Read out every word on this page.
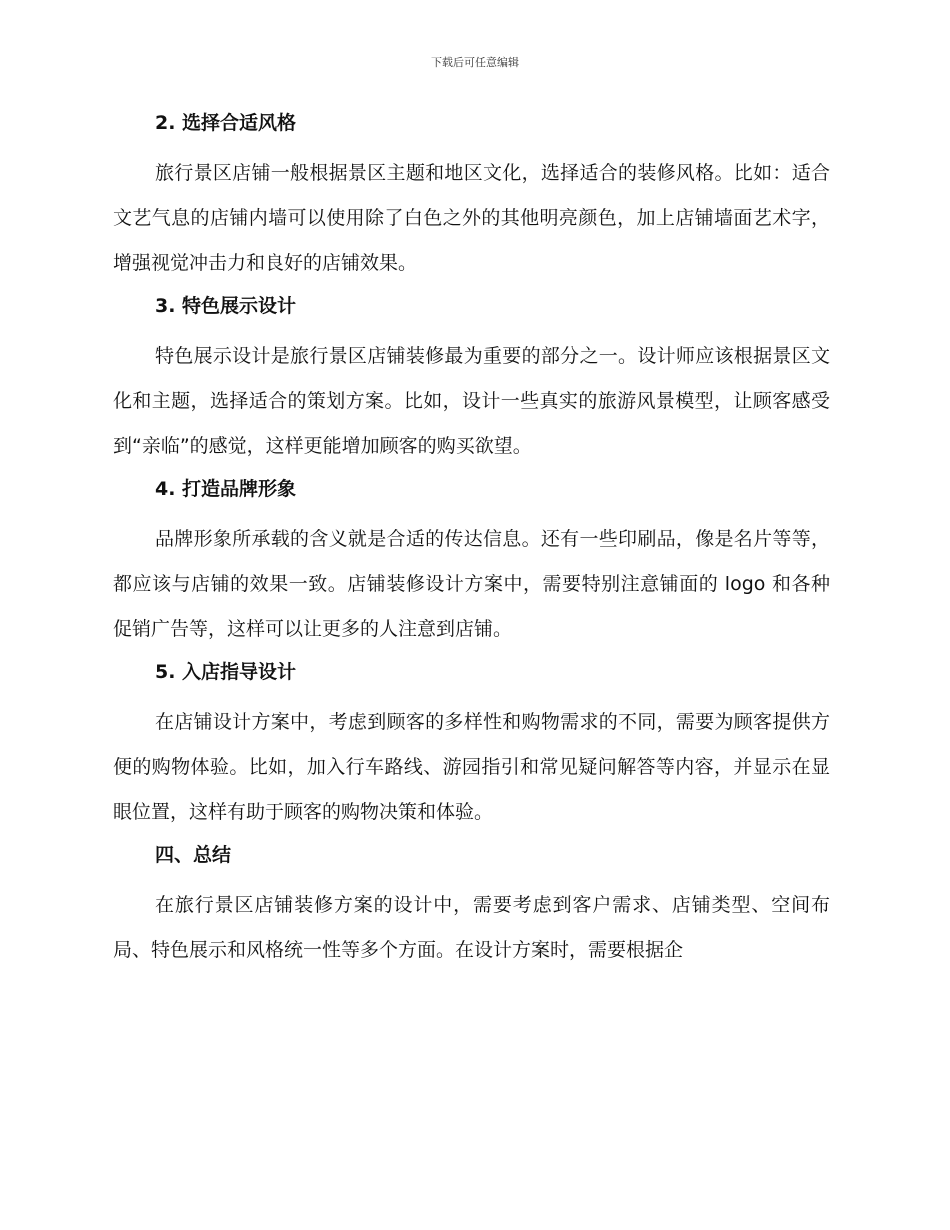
下载后可任意编辑
2. 选择合适风格

旅行景区店铺一般根据景区主题和地区文化，选择适合的装修风格。比如：适合文艺气息的店铺内墙可以使用除了白色之外的其他明亮颜色，加上店铺墙面艺术字，增强视觉冲击力和良好的店铺效果。

3. 特色展示设计

特色展示设计是旅行景区店铺装修最为重要的部分之一。设计师应该根据景区文化和主题，选择适合的策划方案。比如，设计一些真实的旅游风景模型，让顾客感受到“亲临”的感觉，这样更能增加顾客的购买欲望。

4. 打造品牌形象

品牌形象所承载的含义就是合适的传达信息。还有一些印刷品，像是名片等等，都应该与店铺的效果一致。店铺装修设计方案中，需要特别注意铺面的 logo 和各种促销广告等，这样可以让更多的人注意到店铺。

5. 入店指导设计

在店铺设计方案中，考虑到顾客的多样性和购物需求的不同，需要为顾客提供方便的购物体验。比如，加入行车路线、游园指引和常见疑问解答等内容，并显示在显眼位置，这样有助于顾客的购物决策和体验。

四、总结

在旅行景区店铺装修方案的设计中，需要考虑到客户需求、店铺类型、空间布局、特色展示和风格统一性等多个方面。在设计方案时，需要根据企
